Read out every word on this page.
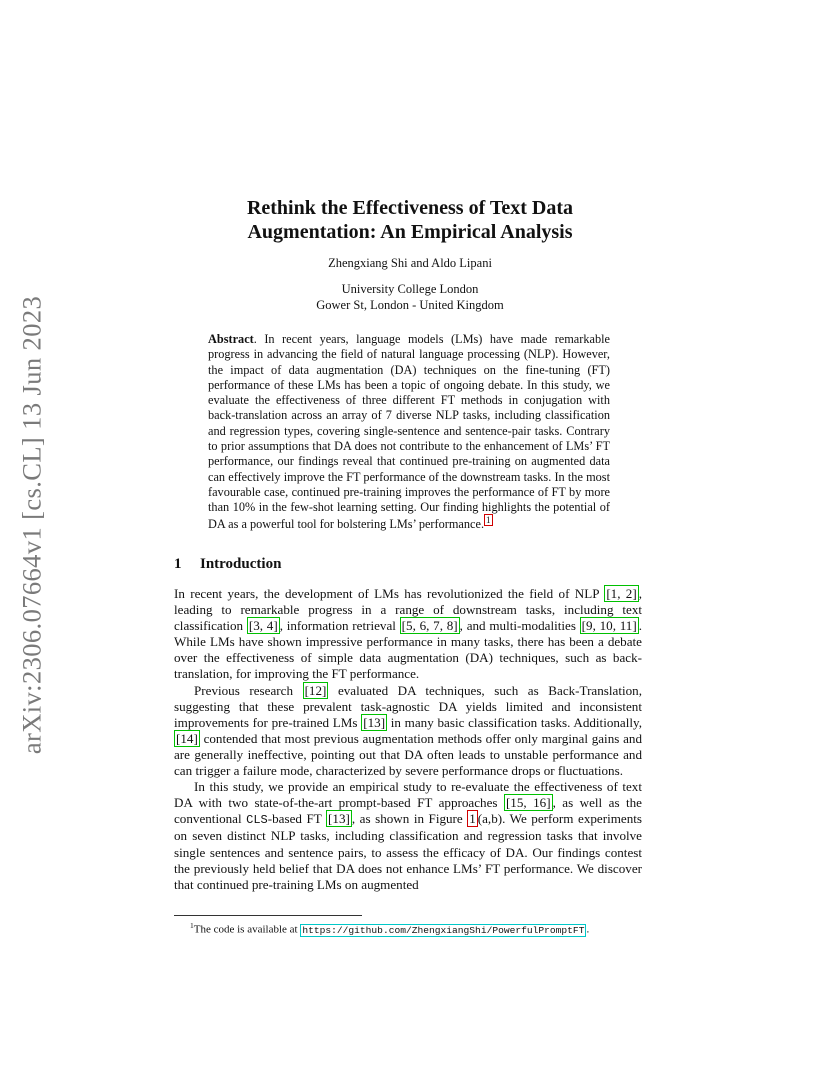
arXiv:2306.07664v1 [cs.CL] 13 Jun 2023
Rethink the Effectiveness of Text Data
Augmentation: An Empirical Analysis
Zhengxiang Shi and Aldo Lipani
University College London
Gower St, London - United Kingdom

Abstract. In recent years, language models (LMs) have made remarkable progress in advancing the field of natural language processing (NLP). However, the impact of data augmentation (DA) techniques on the fine-tuning (FT) performance of these LMs has been a topic of ongoing debate. In this study, we evaluate the effectiveness of three different FT methods in conjugation with back-translation across an array of 7 diverse NLP tasks, including classification and regression types, covering single-sentence and sentence-pair tasks. Contrary to prior assumptions that DA does not contribute to the enhancement of LMs’ FT performance, our findings reveal that continued pre-training on augmented data can effectively improve the FT performance of the downstream tasks. In the most favourable case, continued pre-training improves the performance of FT by more than 10% in the few-shot learning setting. Our finding highlights the potential of DA as a powerful tool for bolstering LMs’ performance. $^1$

1 Introduction

In recent years, the development of LMs has revolutionized the field of NLP [1, 2] , leading to remarkable progress in a range of downstream tasks, including text classification [3, 4] , information retrieval [5, 6, 7, 8] , and multi-modalities [9, 10, 11] . While LMs have shown impressive performance in many tasks, there has been a debate over the effectiveness of simple data augmentation (DA) techniques, such as back-translation, for improving the FT performance.

Previous research [12] evaluated DA techniques, such as Back-Translation, suggesting that these prevalent task-agnostic DA yields limited and inconsistent improvements for pre-trained LMs [13] in many basic classification tasks. Additionally, [14] contended that most previous augmentation methods offer only marginal gains and are generally ineffective, pointing out that DA often leads to unstable performance and can trigger a failure mode, characterized by severe performance drops or fluctuations.

In this study, we provide an empirical study to re-evaluate the effectiveness of text DA with two state-of-the-art prompt-based FT approaches [15, 16] , as well as the conventional CLS-based FT [13] , as shown in Figure 1 (a,b). We perform experiments on seven distinct NLP tasks, including classification and regression tasks that involve single sentences and sentence pairs, to assess the efficacy of DA. Our findings contest the previously held belief that DA does not enhance LMs’ FT performance. We discover that continued pre-training LMs on augmented

$^1$The code is available at https://github.com/ZhengxiangShi/PowerfulPromptFT .
